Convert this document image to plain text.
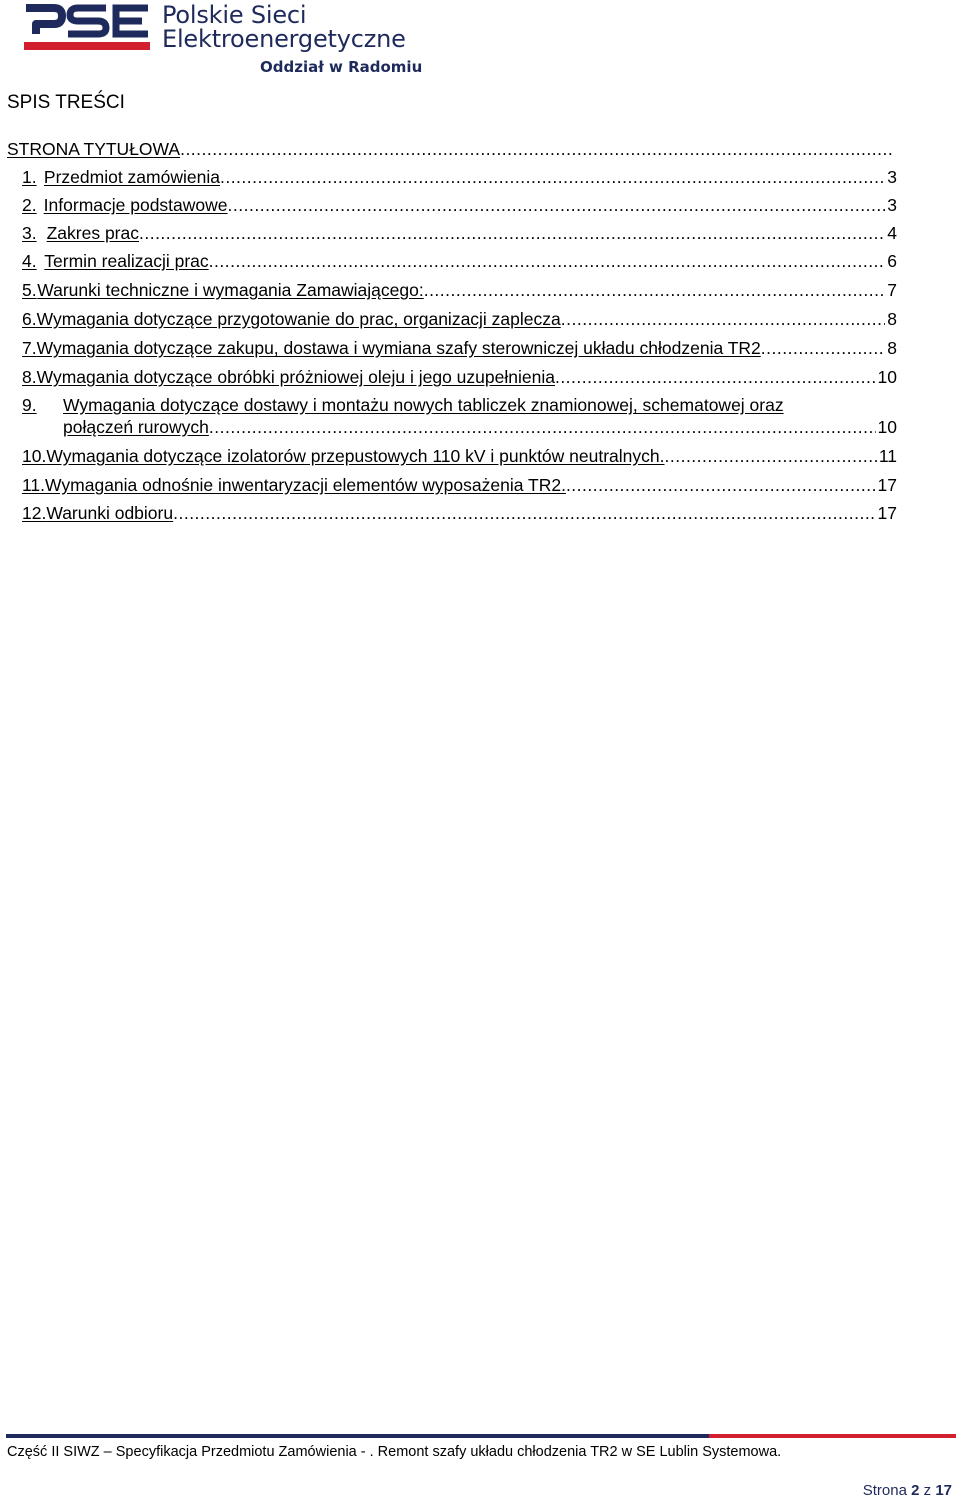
Polskie Sieci
Elektroenergetyczne
Oddział w Radomiu
SPIS TREŚCI
STRONA TYTUŁOWA
.....
1. Przedmiot zamówienia .....	3
2. Informacje podstawowe .....	3
3. Zakres prac .....	4
4. Termin realizacji prac .....	6
5. Warunki techniczne i wymagania Zamawiającego: .....	7
6. Wymagania dotyczące przygotowanie do prac, organizacji zaplecza .....	8
7. Wymagania dotyczące zakupu, dostawa i wymiana szafy sterowniczej układu chłodzenia TR2 .....	8
8. Wymagania dotyczące obróbki próżniowej oleju i jego uzupełnienia .....	10
9.	Wymagania dotyczące dostawy i montażu nowych tabliczek znamionowej, schematowej oraz
połączeń rurowych .....	10
10. Wymagania dotyczące izolatorów przepustowych 110 kV i punktów neutralnych. .....	11
11. Wymagania odnośnie inwentaryzacji elementów wyposażenia TR2. .....	17
12. Warunki odbioru .....	17
Część II SIWZ – Specyfikacja Przedmiotu Zamówienia - . Remont szafy układu chłodzenia TR2 w SE Lublin Systemowa.
Strona 2 z 17
